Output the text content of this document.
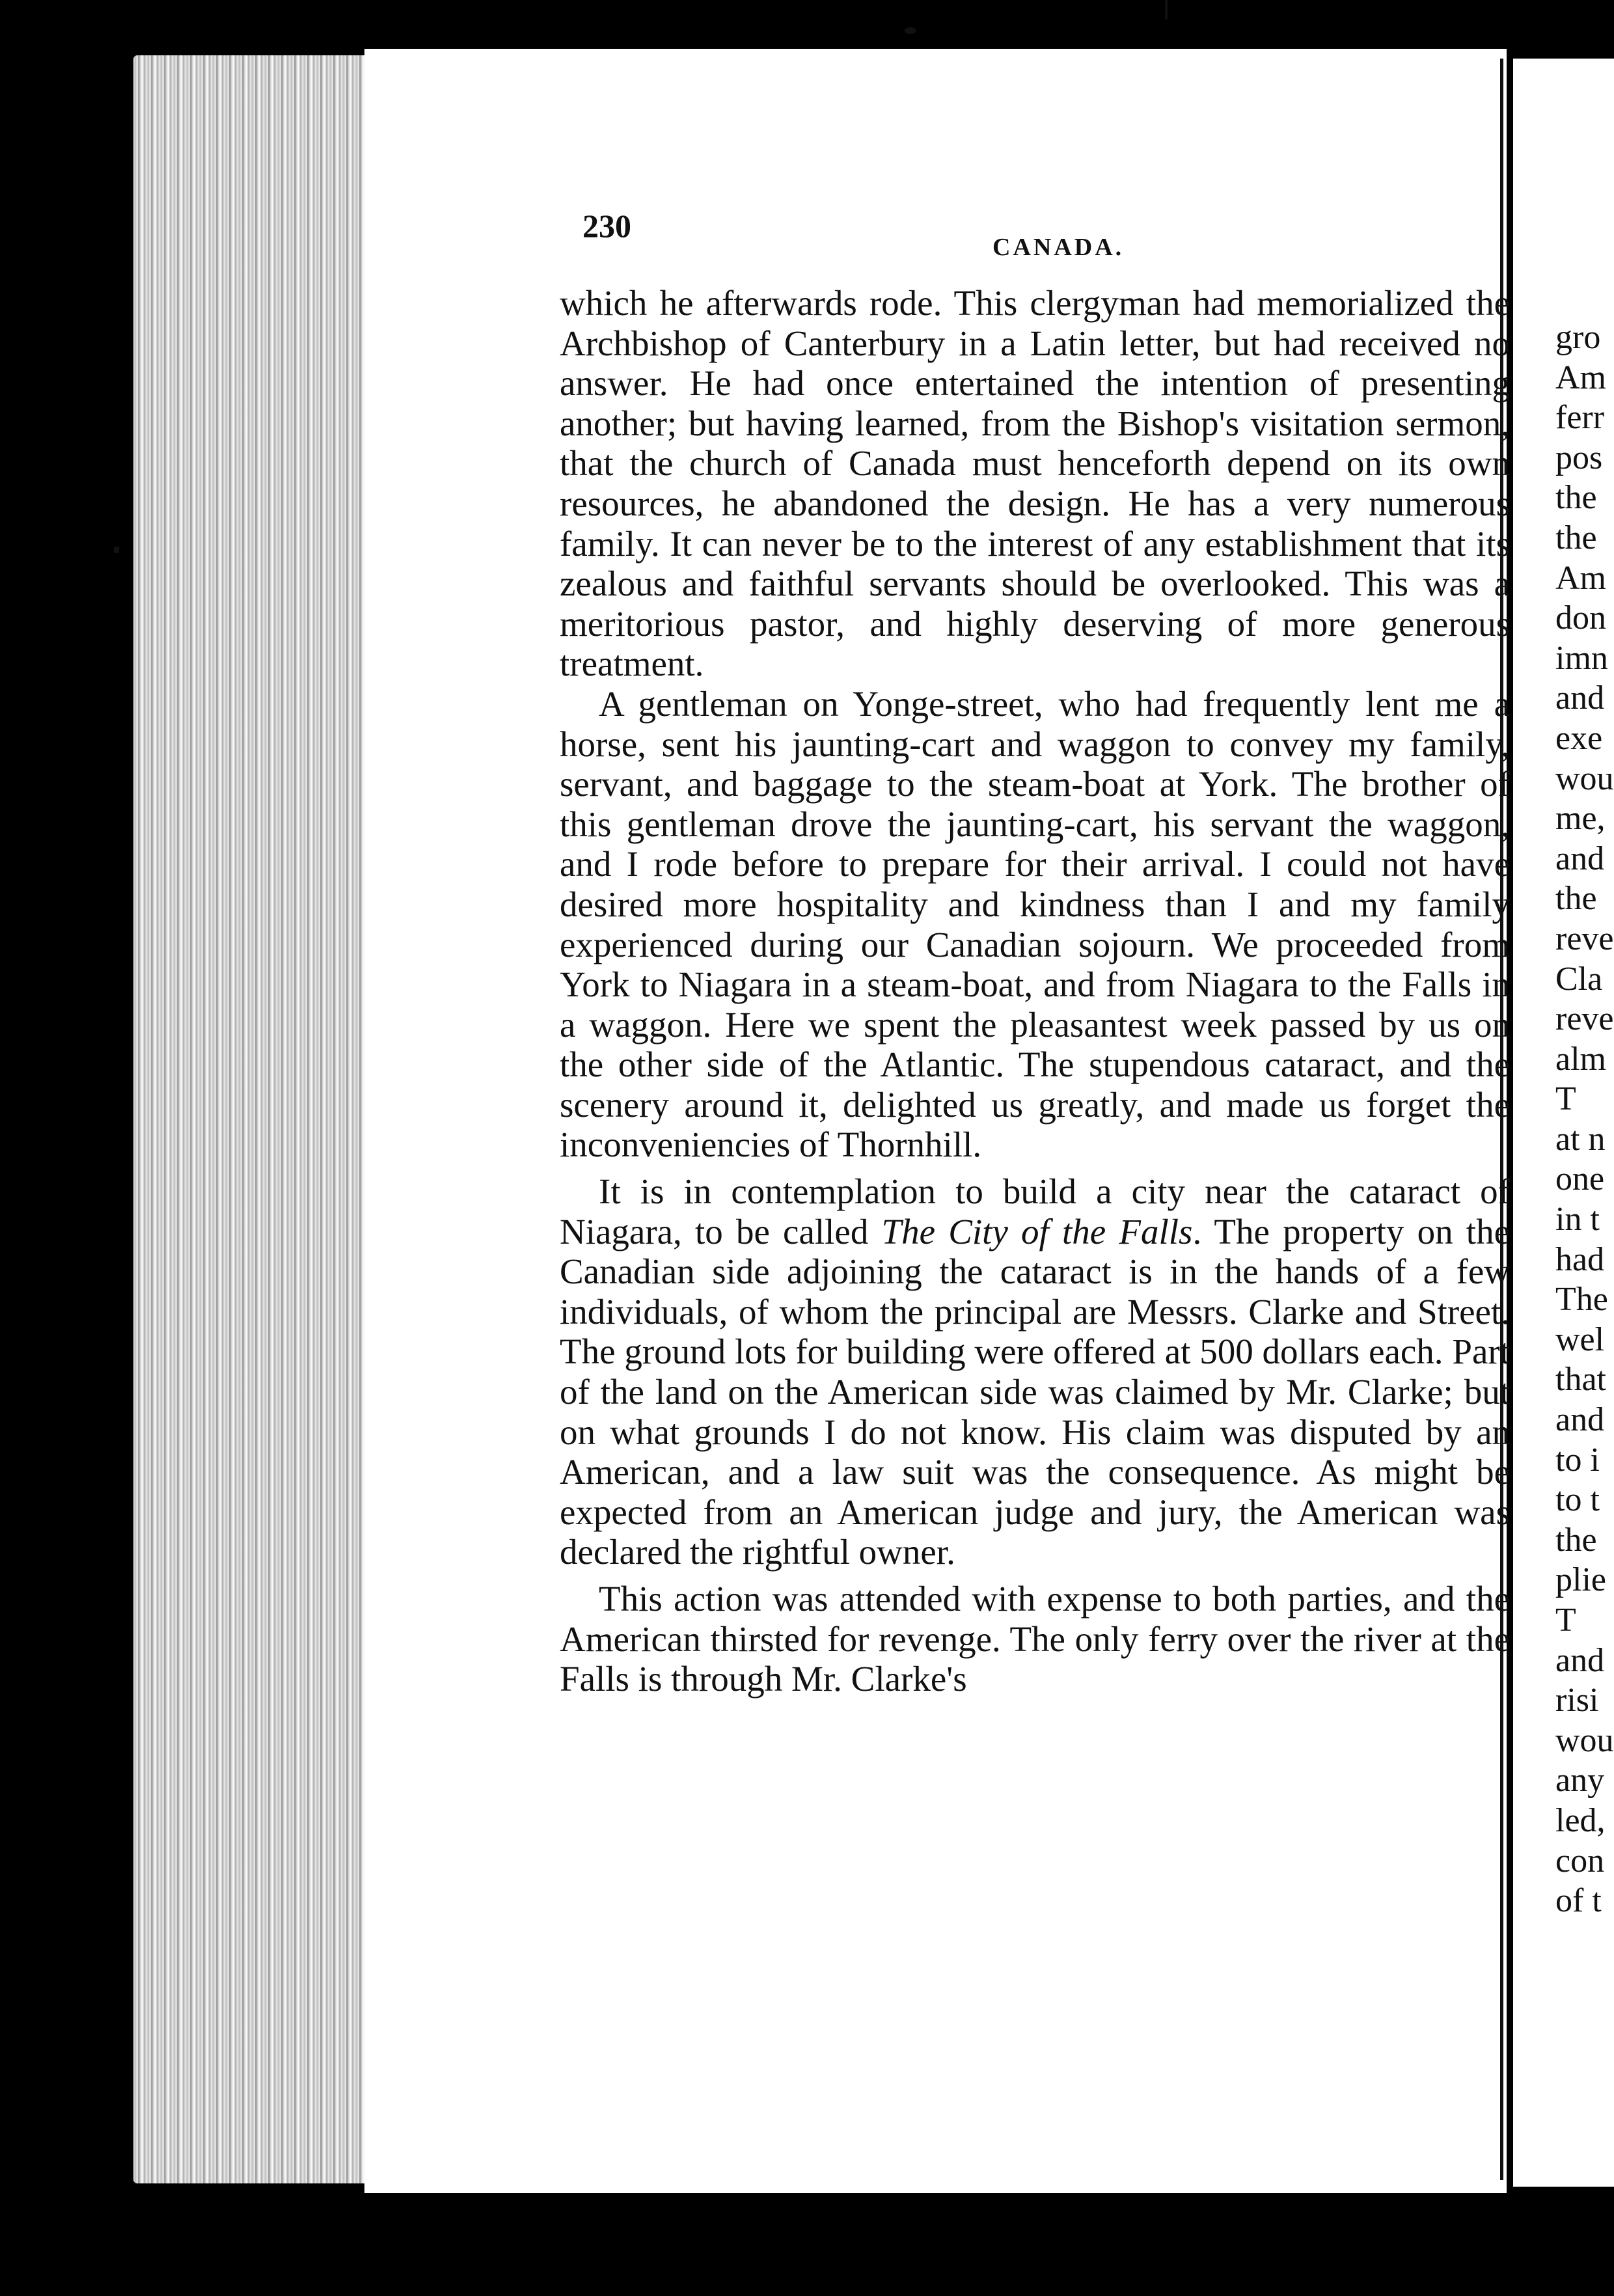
230
CANADA.

which he afterwards rode. This clergyman had memorialized the Archbishop of Canterbury in a Latin letter, but had received no answer. He had once entertained the intention of presenting another; but having learned, from the Bishop's visitation sermon, that the church of Canada must henceforth depend on its own resources, he abandoned the design. He has a very numerous family. It can never be to the interest of any establishment that its zealous and faithful servants should be overlooked. This was a meritorious pastor, and highly deserving of more generous treatment.

A gentleman on Yonge-street, who had frequently lent me a horse, sent his jaunting-cart and waggon to convey my family, servant, and baggage to the steam-boat at York. The brother of this gentleman drove the jaunting-cart, his servant the waggon, and I rode before to prepare for their arrival. I could not have desired more hospitality and kindness than I and my family experienced during our Canadian sojourn. We proceeded from York to Niagara in a steam-boat, and from Niagara to the Falls in a waggon. Here we spent the pleasantest week passed by us on the other side of the Atlantic. The stupendous cataract, and the scenery around it, delighted us greatly, and made us forget the inconveniencies of Thornhill.

It is in contemplation to build a city near the cataract of Niagara, to be called The City of the Falls. The property on the Canadian side adjoining the cataract is in the hands of a few individuals, of whom the principal are Messrs. Clarke and Street. The ground lots for building were offered at 500 dollars each. Part of the land on the American side was claimed by Mr. Clarke; but on what grounds I do not know. His claim was disputed by an American, and a law suit was the consequence. As might be expected from an American judge and jury, the American was declared the rightful owner.

This action was attended with expense to both parties, and the American thirsted for revenge. The only ferry over the river at the Falls is through Mr. Clarke's

gro
Am
ferr
pos
the
the
Am
don
imn
and
exe
wou
me,
and
the
reve
Cla
reve
alm
T
at n
one
in t
had
The
wel
that
and
to i
to t
the
plie
T
and
risi
wou
any
led,
con
of t
